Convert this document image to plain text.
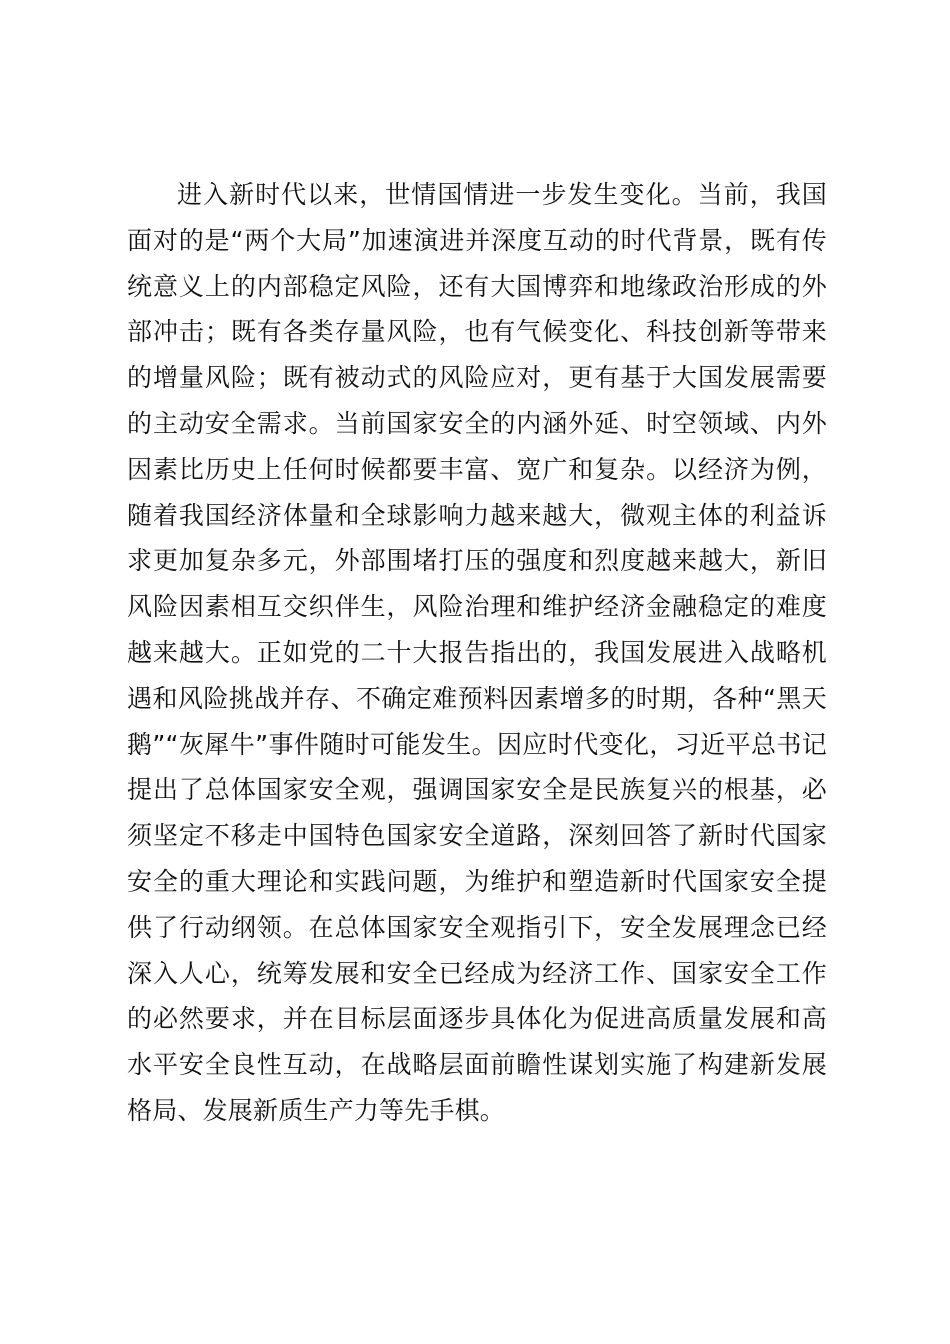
进入新时代以来，世情国情进一步发生变化。当前，我国
面对的是“两个大局”加速演进并深度互动的时代背景，既有传
统意义上的内部稳定风险，还有大国博弈和地缘政治形成的外
部冲击；既有各类存量风险，也有气候变化、科技创新等带来
的增量风险；既有被动式的风险应对，更有基于大国发展需要
的主动安全需求。当前国家安全的内涵外延、时空领域、内外
因素比历史上任何时候都要丰富、宽广和复杂。以经济为例，
随着我国经济体量和全球影响力越来越大，微观主体的利益诉
求更加复杂多元，外部围堵打压的强度和烈度越来越大，新旧
风险因素相互交织伴生，风险治理和维护经济金融稳定的难度
越来越大。正如党的二十大报告指出的，我国发展进入战略机
遇和风险挑战并存、不确定难预料因素增多的时期，各种“黑天
鹅”“灰犀牛”事件随时可能发生。因应时代变化，习近平总书记
提出了总体国家安全观，强调国家安全是民族复兴的根基，必
须坚定不移走中国特色国家安全道路，深刻回答了新时代国家
安全的重大理论和实践问题，为维护和塑造新时代国家安全提
供了行动纲领。在总体国家安全观指引下，安全发展理念已经
深入人心，统筹发展和安全已经成为经济工作、国家安全工作
的必然要求，并在目标层面逐步具体化为促进高质量发展和高
水平安全良性互动，在战略层面前瞻性谋划实施了构建新发展
格局、发展新质生产力等先手棋。
